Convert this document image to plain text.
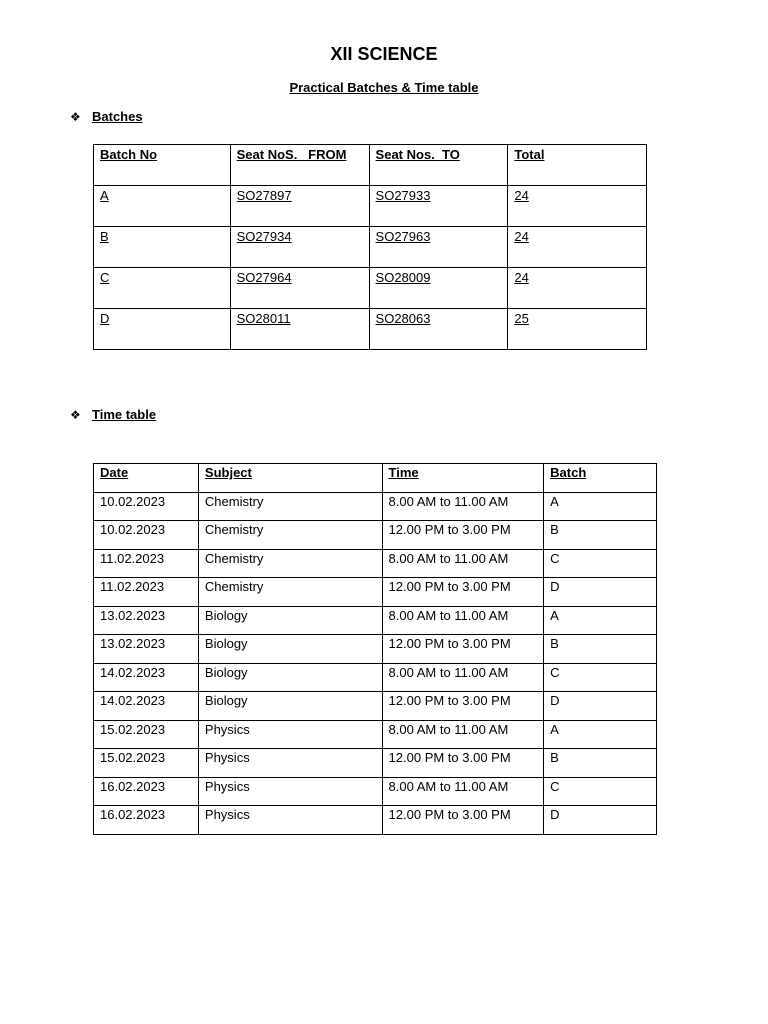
XII SCIENCE
Practical Batches & Time table
❖ Batches
Batch No	Seat NoS.   FROM	Seat Nos.  TO	Total
A	SO27897	SO27933	24
B	SO27934	SO27963	24
C	SO27964	SO28009	24
D	SO28011	SO28063	25
❖ Time table
Date	Subject	Time	Batch
10.02.2023	Chemistry	8.00 AM to 11.00 AM	A
10.02.2023	Chemistry	12.00 PM to 3.00 PM	B
11.02.2023	Chemistry	8.00 AM to 11.00 AM	C
11.02.2023	Chemistry	12.00 PM to 3.00 PM	D
13.02.2023	Biology	8.00 AM to 11.00 AM	A
13.02.2023	Biology	12.00 PM to 3.00 PM	B
14.02.2023	Biology	8.00 AM to 11.00 AM	C
14.02.2023	Biology	12.00 PM to 3.00 PM	D
15.02.2023	Physics	8.00 AM to 11.00 AM	A
15.02.2023	Physics	12.00 PM to 3.00 PM	B
16.02.2023	Physics	8.00 AM to 11.00 AM	C
16.02.2023	Physics	12.00 PM to 3.00 PM	D
